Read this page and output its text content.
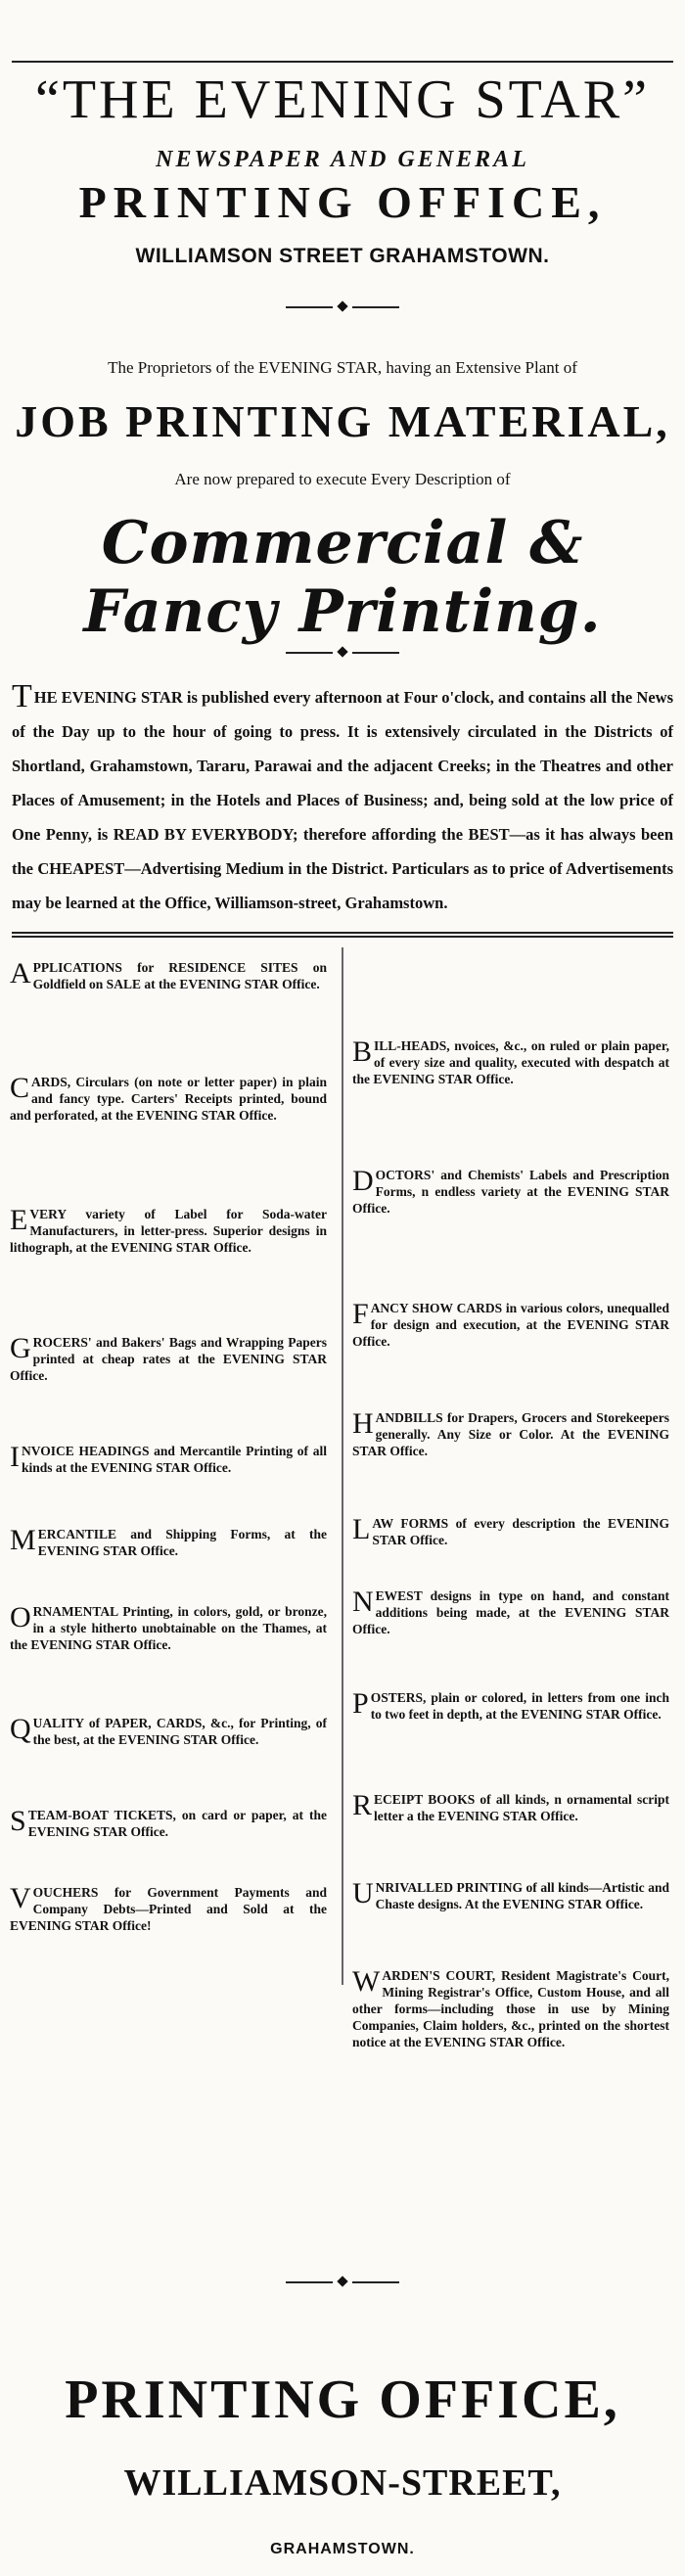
“THE EVENING STAR”
NEWSPAPER AND GENERAL
PRINTING OFFICE,
WILLIAMSON STREET GRAHAMSTOWN.
The Proprietors of the EVENING STAR, having an Extensive Plant of
JOB PRINTING MATERIAL,
Are now prepared to execute Every Description of
Commercial & Fancy Printing.
T HE EVENING STAR is published every afternoon at Four o'clock, and contains all the News of the Day up to the hour of going to press. It is extensively circulated in the Districts of Shortland, Grahamstown, Tararu, Parawai and the adjacent Creeks; in the Theatres and other Places of Amusement; in the Hotels and Places of Business; and, being sold at the low price of One Penny, is READ BY EVERYBODY; therefore affording the BEST—as it has always been the CHEAPEST—Advertising Medium in the District. Particulars as to price of Advertisements may be learned at the Office, Williamson-street, Grahamstown.
APPLICATIONS for RESIDENCE SITES on Goldfield on SALE at the EVENING STAR Office.
CARDS, Circulars (on note or letter paper) in plain and fancy type. Carters' Receipts printed, bound and perforated, at the EVENING STAR Office.
EVERY variety of Label for Soda-water Manufacturers, in letter-press. Superior designs in lithograph, at the EVENING STAR Office.
GROCERS' and Bakers' Bags and Wrapping Papers printed at cheap rates at the EVENING STAR Office.
INVOICE HEADINGS and Mercantile Printing of all kinds at the EVENING STAR Office.
MERCANTILE and Shipping Forms, at the EVENING STAR Office.
ORNAMENTAL Printing, in colors, gold, or bronze, in a style hitherto unobtainable on the Thames, at the EVENING STAR Office.
QUALITY of PAPER, CARDS, &c., for Printing, of the best, at the EVENING STAR Office.
STEAM-BOAT TICKETS, on card or paper, at the EVENING STAR Office.
VOUCHERS for Government Payments and Company Debts—Printed and Sold at the EVENING STAR Office!
BILL-HEADS, nvoices, &c., on ruled or plain paper, of every size and quality, executed with despatch at the EVENING STAR Office.
DOCTORS' and Chemists' Labels and Prescription Forms, n endless variety at the EVENING STAR Office.
FANCY SHOW CARDS in various colors, unequalled for design and execution, at the EVENING STAR Office.
HANDBILLS for Drapers, Grocers and Storekeepers generally. Any Size or Color. At the EVENING STAR Office.
LAW FORMS of every description the EVENING STAR Office.
NEWEST designs in type on hand, and constant additions being made, at the EVENING STAR Office.
POSTERS, plain or colored, in letters from one inch to two feet in depth, at the EVENING STAR Office.
RECEIPT BOOKS of all kinds, n ornamental script letter a the EVENING STAR Office.
UNRIVALLED PRINTING of all kinds—Artistic and Chaste designs. At the EVENING STAR Office.
WARDEN'S COURT, Resident Magistrate's Court, Mining Registrar's Office, Custom House, and all other forms—including those in use by Mining Companies, Claim holders, &c., printed on the shortest notice at the EVENING STAR Office.
PRINTING OFFICE,
WILLIAMSON-STREET,
GRAHAMSTOWN.
